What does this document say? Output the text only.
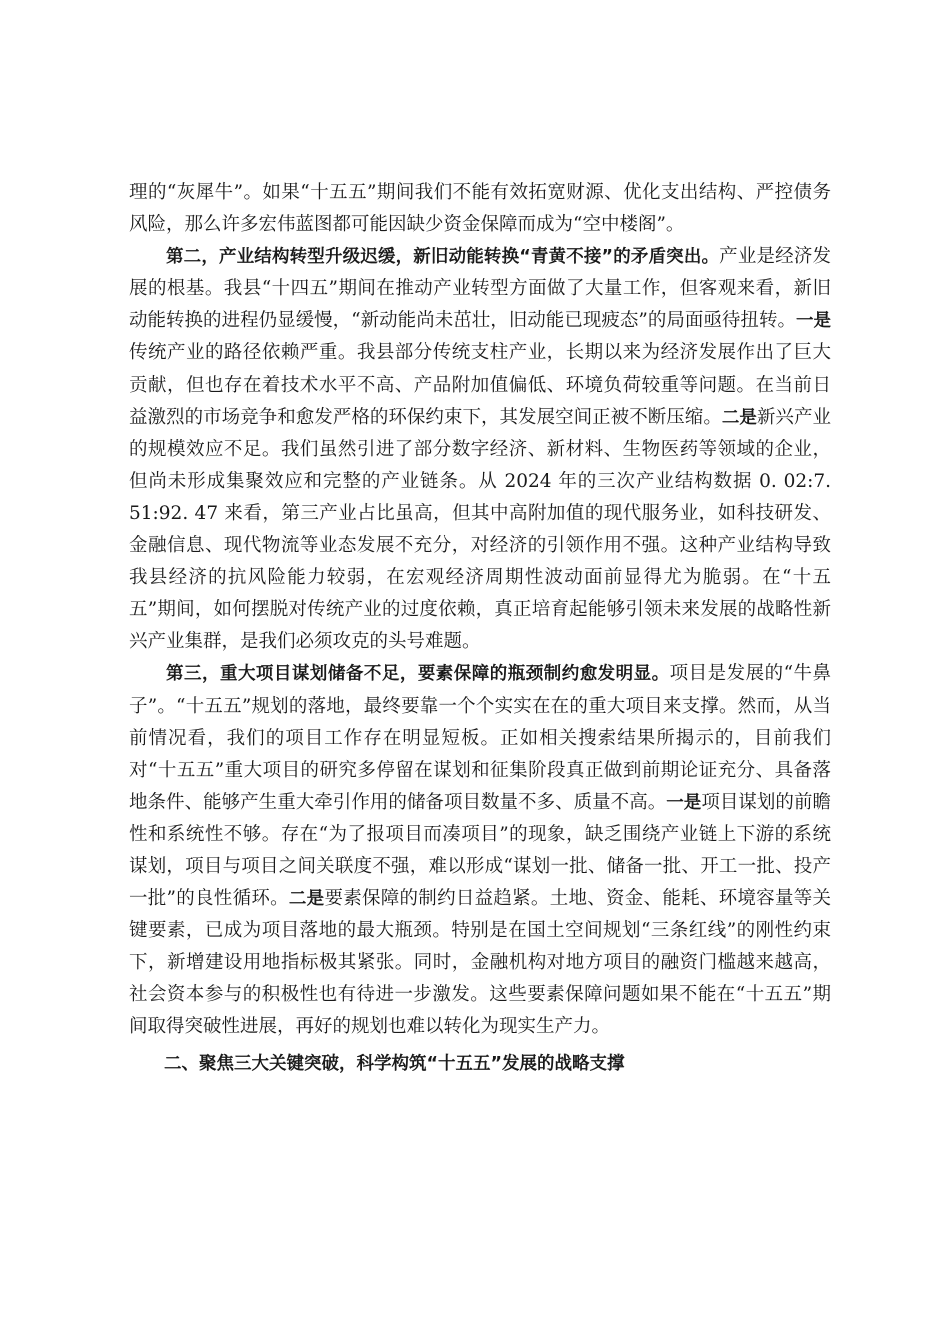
理的“灰犀牛”。如果“十五五”期间我们不能有效拓宽财源、优化支出结构、严控债务风险，那么许多宏伟蓝图都可能因缺少资金保障而成为“空中楼阁”。

第二，产业结构转型升级迟缓，新旧动能转换“青黄不接”的矛盾突出。产业是经济发展的根基。我县“十四五”期间在推动产业转型方面做了大量工作，但客观来看，新旧动能转换的进程仍显缓慢，“新动能尚未茁壮，旧动能已现疲态”的局面亟待扭转。一是传统产业的路径依赖严重。我县部分传统支柱产业，长期以来为经济发展作出了巨大贡献，但也存在着技术水平不高、产品附加值偏低、环境负荷较重等问题。在当前日益激烈的市场竞争和愈发严格的环保约束下，其发展空间正被不断压缩。二是新兴产业的规模效应不足。我们虽然引进了部分数字经济、新材料、生物医药等领域的企业，但尚未形成集聚效应和完整的产业链条。从 2024 年的三次产业结构数据 0. 02:7. 51:92. 47 来看，第三产业占比虽高，但其中高附加值的现代服务业，如科技研发、金融信息、现代物流等业态发展不充分，对经济的引领作用不强。这种产业结构导致我县经济的抗风险能力较弱，在宏观经济周期性波动面前显得尤为脆弱。在“十五五”期间，如何摆脱对传统产业的过度依赖，真正培育起能够引领未来发展的战略性新兴产业集群，是我们必须攻克的头号难题。

第三，重大项目谋划储备不足，要素保障的瓶颈制约愈发明显。项目是发展的“牛鼻子”。“十五五”规划的落地，最终要靠一个个实实在在的重大项目来支撑。然而，从当前情况看，我们的项目工作存在明显短板。正如相关搜索结果所揭示的，目前我们对“十五五”重大项目的研究多停留在谋划和征集阶段真正做到前期论证充分、具备落地条件、能够产生重大牵引作用的储备项目数量不多、质量不高。一是项目谋划的前瞻性和系统性不够。存在“为了报项目而凑项目”的现象，缺乏围绕产业链上下游的系统谋划，项目与项目之间关联度不强，难以形成“谋划一批、储备一批、开工一批、投产一批”的良性循环。二是要素保障的制约日益趋紧。土地、资金、能耗、环境容量等关键要素，已成为项目落地的最大瓶颈。特别是在国土空间规划“三条红线”的刚性约束下，新增建设用地指标极其紧张。同时，金融机构对地方项目的融资门槛越来越高，社会资本参与的积极性也有待进一步激发。这些要素保障问题如果不能在“十五五”期间取得突破性进展，再好的规划也难以转化为现实生产力。

二、聚焦三大关键突破，科学构筑“十五五”发展的战略支撑
